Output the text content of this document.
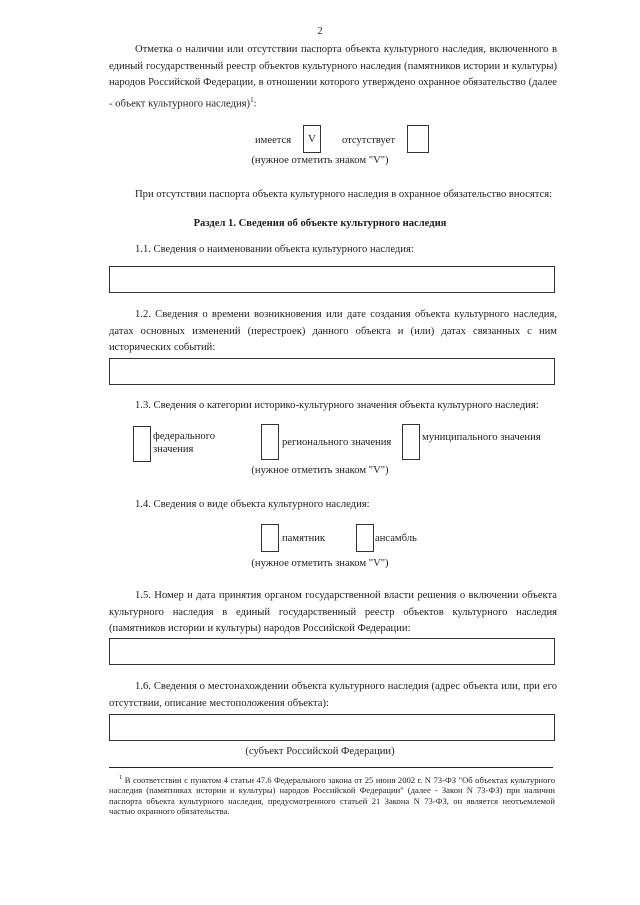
2
Отметка о наличии или отсутствии паспорта объекта культурного наследия, включенного в единый государственный реестр объектов культурного наследия (памятников истории и культуры) народов Российской Федерации, в отношении которого утверждено охранное обязательство (далее - объект культурного наследия)$^1$:
имеется	V	отсутствует
(нужное отметить знаком "V")
При отсутствии паспорта объекта культурного наследия в охранное обязательство вносятся:
Раздел 1. Сведения об объекте культурного наследия
1.1. Сведения о наименовании объекта культурного наследия:
1.2. Сведения о времени возникновения или дате создания объекта культурного наследия, датах основных изменений (перестроек) данного объекта и (или) датах связанных с ним исторических событий:
1.3. Сведения о категории историко-культурного значения объекта культурного наследия:
федерального значения
регионального значения	муниципального значения
(нужное отметить знаком "V")
1.4. Сведения о виде объекта культурного наследия:
памятник	ансамбль
(нужное отметить знаком "V")
1.5. Номер и дата принятия органом государственной власти решения о включении объекта культурного наследия в единый государственный реестр объектов культурного наследия (памятников истории и культуры) народов Российской Федерации:
1.6. Сведения о местонахождении объекта культурного наследия (адрес объекта или, при его отсутствии, описание местоположения объекта):
(субъект Российской Федерации)
$^1$ В соответствии с пунктом 4 статьи 47.6 Федерального закона от 25 июня 2002 г. N 73-ФЗ "Об объектах культурного наследия (памятниках истории и культуры) народов Российской Федерации" (далее - Закон N 73-ФЗ) при наличии паспорта объекта культурного наследия, предусмотренного статьей 21 Закона N 73-ФЗ, он является неотъемлемой частью охранного обязательства.
